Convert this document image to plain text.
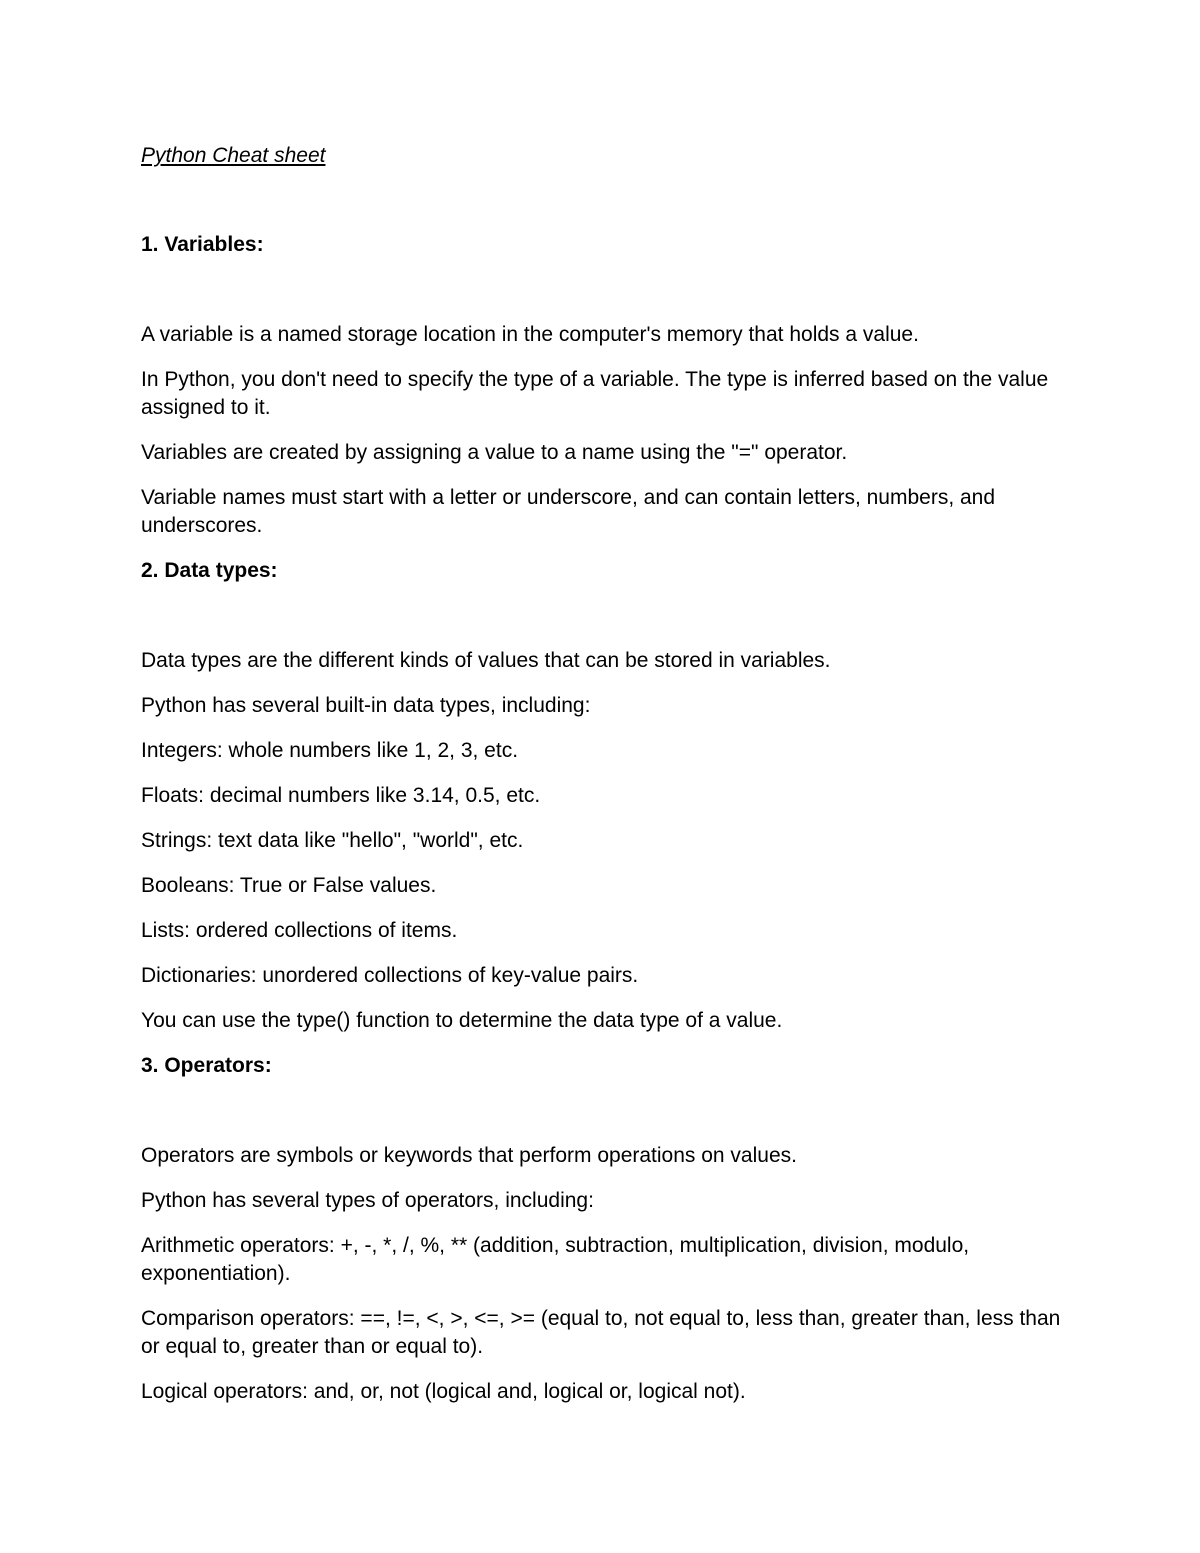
Python Cheat sheet

1. Variables:

A variable is a named storage location in the computer's memory that holds a value.

In Python, you don't need to specify the type of a variable. The type is inferred based on the value assigned to it.

Variables are created by assigning a value to a name using the "=" operator.

Variable names must start with a letter or underscore, and can contain letters, numbers, and underscores.

2. Data types:

Data types are the different kinds of values that can be stored in variables.

Python has several built-in data types, including:

Integers: whole numbers like 1, 2, 3, etc.

Floats: decimal numbers like 3.14, 0.5, etc.

Strings: text data like "hello", "world", etc.

Booleans: True or False values.

Lists: ordered collections of items.

Dictionaries: unordered collections of key-value pairs.

You can use the type() function to determine the data type of a value.

3. Operators:

Operators are symbols or keywords that perform operations on values.

Python has several types of operators, including:

Arithmetic operators: +, -, *, /, %, ** (addition, subtraction, multiplication, division, modulo, exponentiation).

Comparison operators: ==, !=, <, >, <=, >= (equal to, not equal to, less than, greater than, less than or equal to, greater than or equal to).

Logical operators: and, or, not (logical and, logical or, logical not).
